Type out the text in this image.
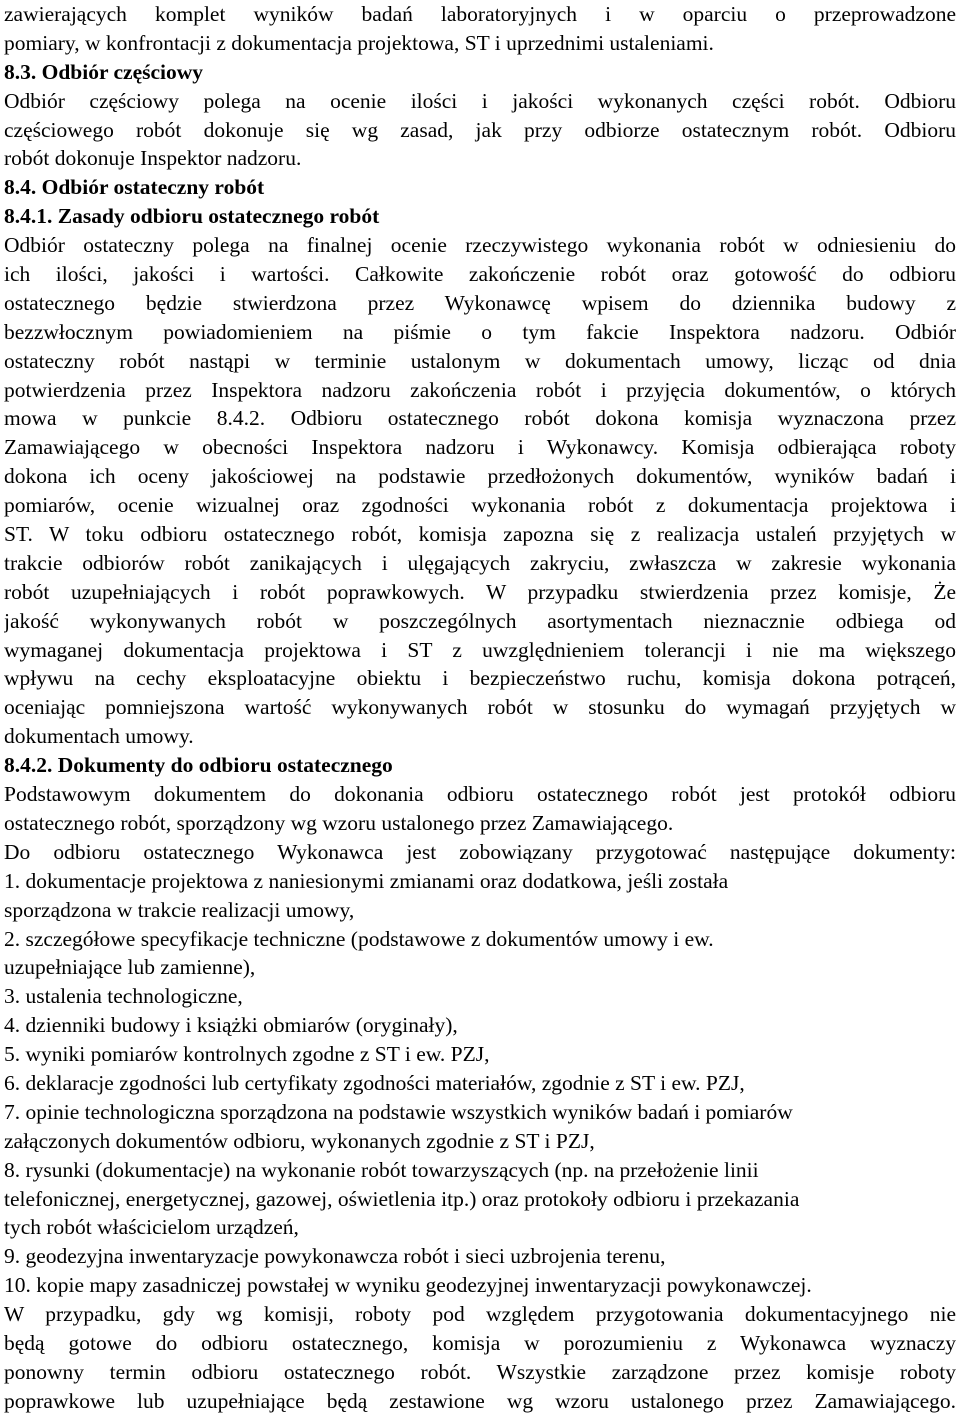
zawierających komplet wyników badań laboratoryjnych i w oparciu o przeprowadzone
pomiary, w konfrontacji z dokumentacja projektowa, ST i uprzednimi ustaleniami.
8.3. Odbiór częściowy
Odbiór częściowy polega na ocenie ilości i jakości wykonanych części robót. Odbioru
częściowego robót dokonuje się wg zasad, jak przy odbiorze ostatecznym robót. Odbioru
robót dokonuje Inspektor nadzoru.
8.4. Odbiór ostateczny robót
8.4.1. Zasady odbioru ostatecznego robót
Odbiór ostateczny polega na finalnej ocenie rzeczywistego wykonania robót w odniesieniu do
ich ilości, jakości i wartości. Całkowite zakończenie robót oraz gotowość do odbioru
ostatecznego będzie stwierdzona przez Wykonawcę wpisem do dziennika budowy z
bezzwłocznym powiadomieniem na piśmie o tym fakcie Inspektora nadzoru. Odbiór
ostateczny robót nastąpi w terminie ustalonym w dokumentach umowy, licząc od dnia
potwierdzenia przez Inspektora nadzoru zakończenia robót i przyjęcia dokumentów, o których
mowa w punkcie 8.4.2. Odbioru ostatecznego robót dokona komisja wyznaczona przez
Zamawiającego w obecności Inspektora nadzoru i Wykonawcy. Komisja odbierająca roboty
dokona ich oceny jakościowej na podstawie przedłożonych dokumentów, wyników badań i
pomiarów, ocenie wizualnej oraz zgodności wykonania robót z dokumentacja projektowa i
ST. W toku odbioru ostatecznego robót, komisja zapozna się z realizacja ustaleń przyjętych w
trakcie odbiorów robót zanikających i ulęgających zakryciu, zwłaszcza w zakresie wykonania
robót uzupełniających i robót poprawkowych. W przypadku stwierdzenia przez komisje, Że
jakość wykonywanych robót w poszczególnych asortymentach nieznacznie odbiega od
wymaganej dokumentacja projektowa i ST z uwzględnieniem tolerancji i nie ma większego
wpływu na cechy eksploatacyjne obiektu i bezpieczeństwo ruchu, komisja dokona potrąceń,
oceniając pomniejszona wartość wykonywanych robót w stosunku do wymagań przyjętych w
dokumentach umowy.
8.4.2. Dokumenty do odbioru ostatecznego
Podstawowym dokumentem do dokonania odbioru ostatecznego robót jest protokół odbioru
ostatecznego robót, sporządzony wg wzoru ustalonego przez Zamawiającego.
Do odbioru ostatecznego Wykonawca jest zobowiązany przygotować następujące dokumenty:
1. dokumentacje projektowa z naniesionymi zmianami oraz dodatkowa, jeśli została
sporządzona w trakcie realizacji umowy,
2. szczegółowe specyfikacje techniczne (podstawowe z dokumentów umowy i ew.
uzupełniające lub zamienne),
3. ustalenia technologiczne,
4. dzienniki budowy i książki obmiarów (oryginały),
5. wyniki pomiarów kontrolnych zgodne z ST i ew. PZJ,
6. deklaracje zgodności lub certyfikaty zgodności materiałów, zgodnie z ST i ew. PZJ,
7. opinie technologiczna sporządzona na podstawie wszystkich wyników badań i pomiarów
załączonych dokumentów odbioru, wykonanych zgodnie z ST i PZJ,
8. rysunki (dokumentacje) na wykonanie robót towarzyszących (np. na przełożenie linii
telefonicznej, energetycznej, gazowej, oświetlenia itp.) oraz protokoły odbioru i przekazania
tych robót właścicielom urządzeń,
9. geodezyjna inwentaryzacje powykonawcza robót i sieci uzbrojenia terenu,
10. kopie mapy zasadniczej powstałej w wyniku geodezyjnej inwentaryzacji powykonawczej.
W przypadku, gdy wg komisji, roboty pod względem przygotowania dokumentacyjnego nie
będą gotowe do odbioru ostatecznego, komisja w porozumieniu z Wykonawca wyznaczy
ponowny termin odbioru ostatecznego robót. Wszystkie zarządzone przez komisje roboty
poprawkowe lub uzupełniające będą zestawione wg wzoru ustalonego przez Zamawiającego.
